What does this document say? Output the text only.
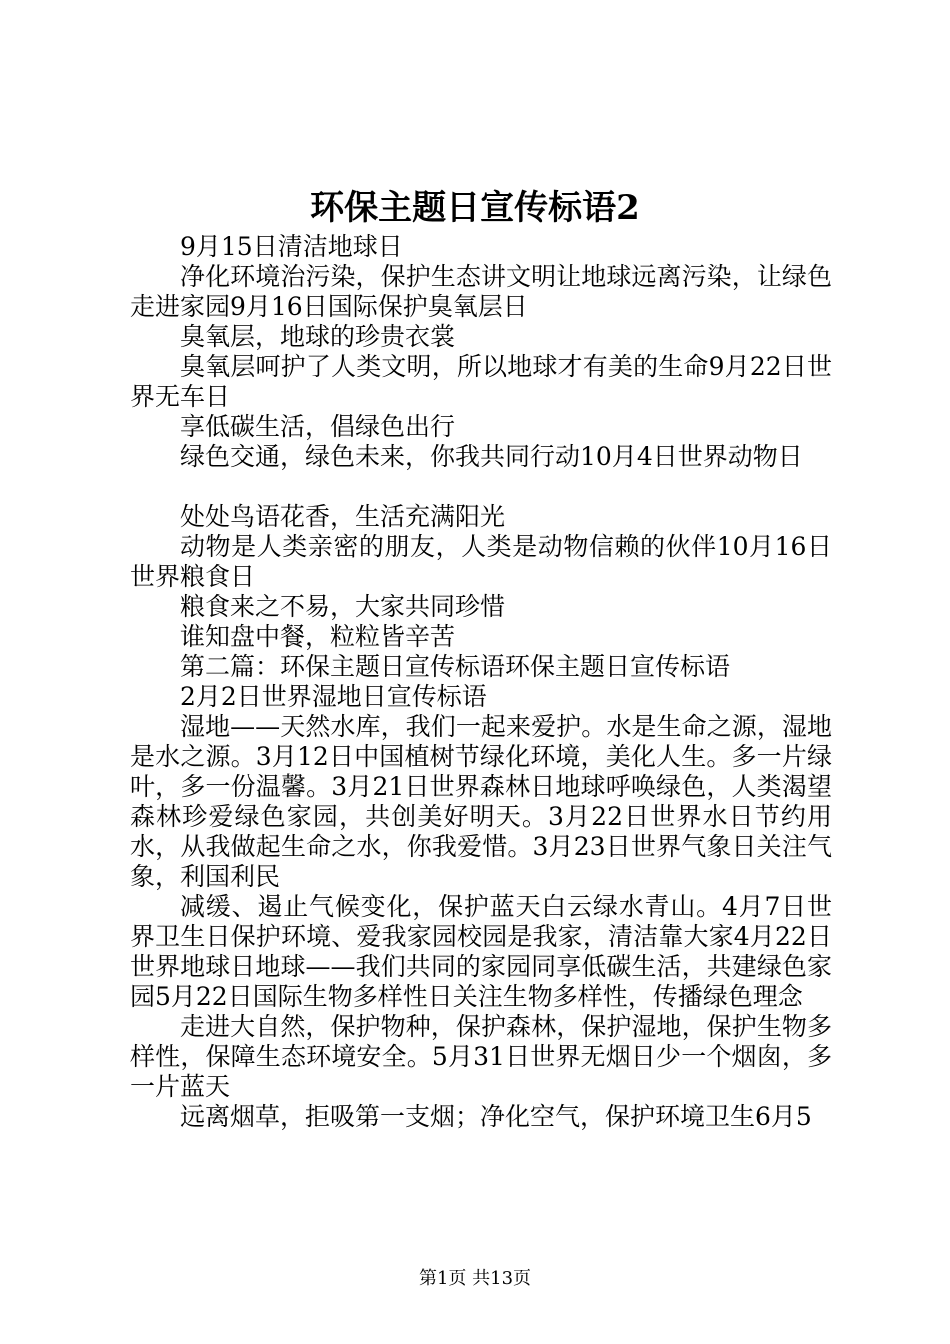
环保主题日宣传标语2

9月15日清洁地球日

净化环境治污染，保护生态讲文明让地球远离污染，让绿色走进家园9月16日国际保护臭氧层日

臭氧层，地球的珍贵衣裳

臭氧层呵护了人类文明，所以地球才有美的生命9月22日世界无车日

享低碳生活，倡绿色出行

绿色交通，绿色未来，你我共同行动10月4日世界动物日

处处鸟语花香，生活充满阳光

动物是人类亲密的朋友，人类是动物信赖的伙伴10月16日世界粮食日

粮食来之不易，大家共同珍惜

谁知盘中餐，粒粒皆辛苦

第二篇：环保主题日宣传标语环保主题日宣传标语

2月2日世界湿地日宣传标语

湿地——天然水库，我们一起来爱护。水是生命之源，湿地是水之源。3月12日中国植树节绿化环境，美化人生。多一片绿叶，多一份温馨。3月21日世界森林日地球呼唤绿色，人类渴望森林珍爱绿色家园，共创美好明天。3月22日世界水日节约用水，从我做起生命之水，你我爱惜。3月23日世界气象日关注气象，利国利民

减缓、遏止气候变化，保护蓝天白云绿水青山。4月7日世界卫生日保护环境、爱我家园校园是我家，清洁靠大家4月22日世界地球日地球——我们共同的家园同享低碳生活，共建绿色家园5月22日国际生物多样性日关注生物多样性，传播绿色理念

走进大自然，保护物种，保护森林，保护湿地，保护生物多样性，保障生态环境安全。5月31日世界无烟日少一个烟囱，多一片蓝天

远离烟草，拒吸第一支烟；净化空气，保护环境卫生6月5

第1页 共13页
